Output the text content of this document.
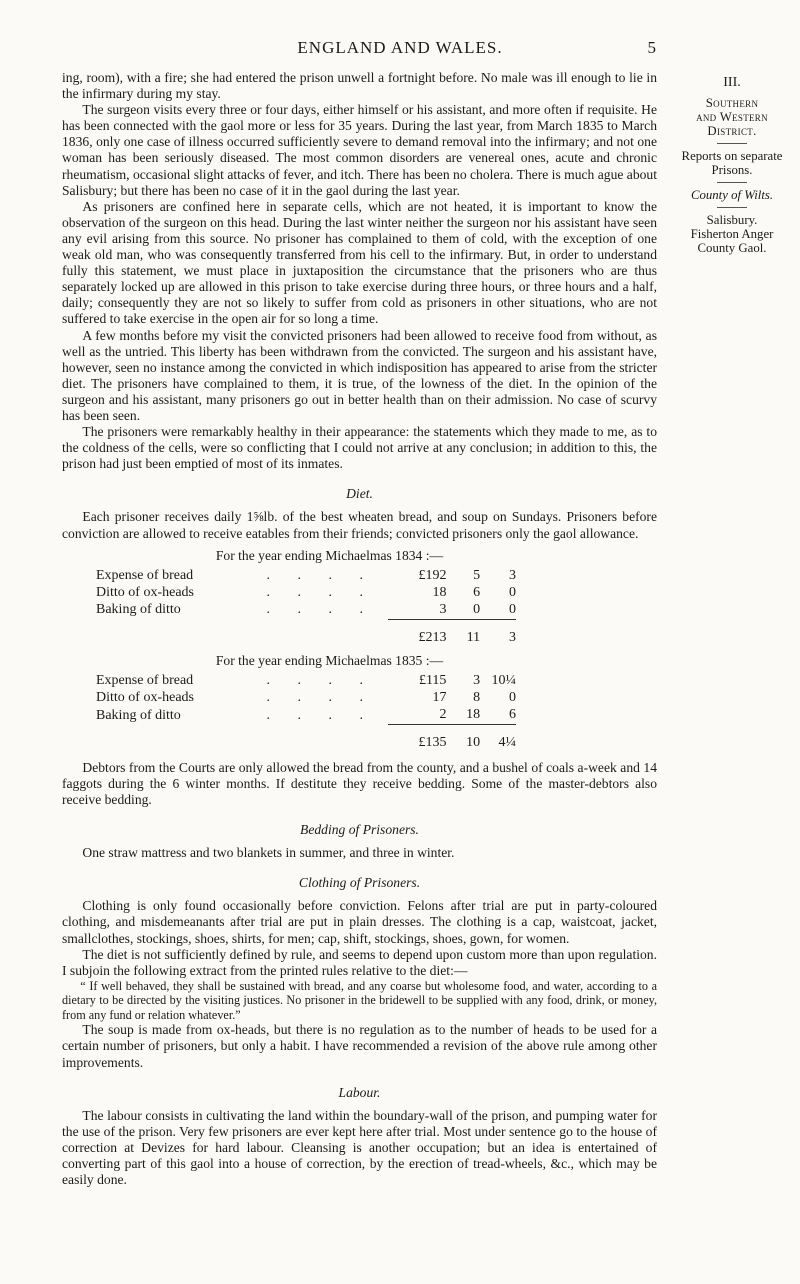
ENGLAND AND WALES.	5

ing, room), with a fire; she had entered the prison unwell a fortnight before. No male was ill enough to lie in the infirmary during my stay.

The surgeon visits every three or four days, either himself or his assistant, and more often if requisite. He has been connected with the gaol more or less for 35 years. During the last year, from March 1835 to March 1836, only one case of illness occurred sufficiently severe to demand removal into the infirmary; and not one woman has been seriously diseased. The most common disorders are venereal ones, acute and chronic rheumatism, occasional slight attacks of fever, and itch. There has been no cholera. There is much ague about Salisbury; but there has been no case of it in the gaol during the last year.

As prisoners are confined here in separate cells, which are not heated, it is important to know the observation of the surgeon on this head. During the last winter neither the surgeon nor his assistant have seen any evil arising from this source. No prisoner has complained to them of cold, with the exception of one weak old man, who was consequently transferred from his cell to the infirmary. But, in order to understand fully this statement, we must place in juxtaposition the circumstance that the prisoners who are thus separately locked up are allowed in this prison to take exercise during three hours, or three hours and a half, daily; consequently they are not so likely to suffer from cold as prisoners in other situations, who are not suffered to take exercise in the open air for so long a time.

A few months before my visit the convicted prisoners had been allowed to receive food from without, as well as the untried. This liberty has been withdrawn from the convicted. The surgeon and his assistant have, however, seen no instance among the convicted in which indisposition has appeared to arise from the stricter diet. The prisoners have complained to them, it is true, of the lowness of the diet. In the opinion of the surgeon and his assistant, many prisoners go out in better health than on their admission. No case of scurvy has been seen.

The prisoners were remarkably healthy in their appearance: the statements which they made to me, as to the coldness of the cells, were so conflicting that I could not arrive at any conclusion; in addition to this, the prison had just been emptied of most of its inmates.

Diet.

Each prisoner receives daily 1⅝lb. of the best wheaten bread, and soup on Sundays. Prisoners before conviction are allowed to receive eatables from their friends; convicted prisoners only the gaol allowance.

For the year ending Michaelmas 1834 :—
Expense of bread	. . . .	£192	5	3
Ditto of ox-heads	. . . .	18	6	0
Baking of ditto	. . . .	3	0	0
		£213	11	3
For the year ending Michaelmas 1835 :—
Expense of bread	. . . .	£115	3	10¼
Ditto of ox-heads	. . . .	17	8	0
Baking of ditto	. . . .	2	18	6
		£135	10	4¼

Debtors from the Courts are only allowed the bread from the county, and a bushel of coals a-week and 14 faggots during the 6 winter months. If destitute they receive bedding. Some of the master-debtors also receive bedding.

Bedding of Prisoners.

One straw mattress and two blankets in summer, and three in winter.

Clothing of Prisoners.

Clothing is only found occasionally before conviction. Felons after trial are put in party-coloured clothing, and misdemeanants after trial are put in plain dresses. The clothing is a cap, waistcoat, jacket, smallclothes, stockings, shoes, shirts, for men; cap, shift, stockings, shoes, gown, for women.

The diet is not sufficiently defined by rule, and seems to depend upon custom more than upon regulation. I subjoin the following extract from the printed rules relative to the diet:—

“ If well behaved, they shall be sustained with bread, and any coarse but wholesome food, and water, according to a dietary to be directed by the visiting justices. No prisoner in the bridewell to be supplied with any food, drink, or money, from any fund or relation whatever.”

The soup is made from ox-heads, but there is no regulation as to the number of heads to be used for a certain number of prisoners, but only a habit. I have recommended a revision of the above rule among other improvements.

Labour.

The labour consists in cultivating the land within the boundary-wall of the prison, and pumping water for the use of the prison. Very few prisoners are ever kept here after trial. Most under sentence go to the house of correction at Devizes for hard labour. Cleansing is another occupation; but an idea is entertained of converting part of this gaol into a house of correction, by the erection of tread-wheels, &c., which may be easily done.

III.
Southern
and Western
District.
Reports on separate
Prisons.
County of Wilts.
Salisbury.
Fisherton Anger
County Gaol.
